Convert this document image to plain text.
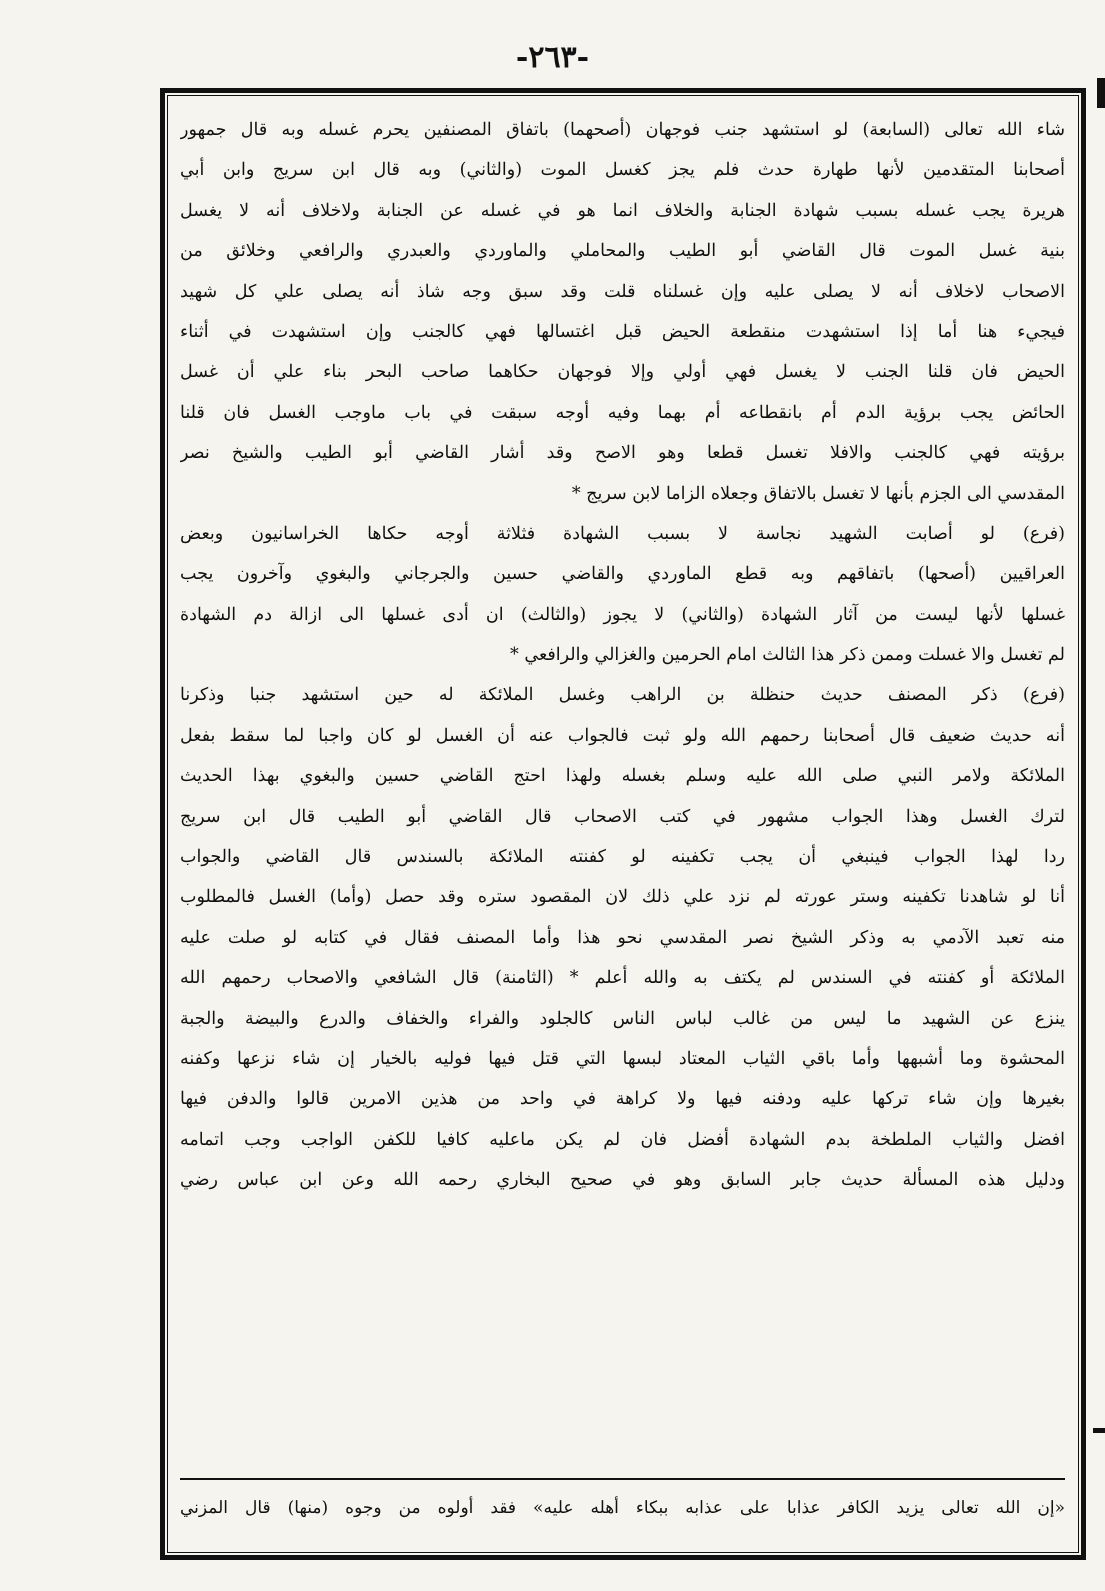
-٢٦٣-
شاء الله تعالى (السابعة) لو استشهد جنب فوجهان (أصحهما) باتفاق المصنفين يحرم غسله وبه قال جمهور
أصحابنا المتقدمين لأنها طهارة حدث فلم يجز كغسل الموت (والثاني) وبه قال ابن سريج وابن أبي
هريرة يجب غسله بسبب شهادة الجنابة والخلاف انما هو في غسله عن الجنابة ولاخلاف أنه لا يغسل
بنية غسل الموت قال القاضي أبو الطيب والمحاملي والماوردي والعبدري والرافعي وخلائق من
الاصحاب لاخلاف أنه لا يصلى عليه وإن غسلناه قلت وقد سبق وجه شاذ أنه يصلى علي كل شهيد
فيجيء هنا أما إذا استشهدت منقطعة الحيض قبل اغتسالها فهي كالجنب وإن استشهدت في أثناء
الحيض فان قلنا الجنب لا يغسل فهي أولي وإلا فوجهان حكاهما صاحب البحر بناء علي أن غسل
الحائض يجب برؤية الدم أم بانقطاعه أم بهما وفيه أوجه سبقت في باب ماوجب الغسل فان قلنا
برؤيته فهي كالجنب والافلا تغسل قطعا وهو الاصح وقد أشار القاضي أبو الطيب والشيخ نصر
المقدسي الى الجزم بأنها لا تغسل بالاتفاق وجعلاه الزاما لابن سريج *
(فرع) لو أصابت الشهيد نجاسة لا بسبب الشهادة فثلاثة أوجه حكاها الخراسانيون وبعض
العراقيين (أصحها) باتفاقهم وبه قطع الماوردي والقاضي حسين والجرجاني والبغوي وآخرون يجب
غسلها لأنها ليست من آثار الشهادة (والثاني) لا يجوز (والثالث) ان أدى غسلها الى ازالة دم الشهادة
لم تغسل والا غسلت وممن ذكر هذا الثالث امام الحرمين والغزالي والرافعي *
(فرع) ذكر المصنف حديث حنظلة بن الراهب وغسل الملائكة له حين استشهد جنبا وذكرنا
أنه حديث ضعيف قال أصحابنا رحمهم الله ولو ثبت فالجواب عنه أن الغسل لو كان واجبا لما سقط بفعل
الملائكة ولامر النبي صلى الله عليه وسلم بغسله ولهذا احتج القاضي حسين والبغوي بهذا الحديث
لترك الغسل وهذا الجواب مشهور في كتب الاصحاب قال القاضي أبو الطيب قال ابن سريج
ردا لهذا الجواب فينبغي أن يجب تكفينه لو كفنته الملائكة بالسندس قال القاضي والجواب
أنا لو شاهدنا تكفينه وستر عورته لم نزد علي ذلك لان المقصود ستره وقد حصل (وأما) الغسل فالمطلوب
منه تعبد الآدمي به وذكر الشيخ نصر المقدسي نحو هذا وأما المصنف فقال في كتابه لو صلت عليه
الملائكة أو كفنته في السندس لم يكتف به والله أعلم * (الثامنة) قال الشافعي والاصحاب رحمهم الله
ينزع عن الشهيد ما ليس من غالب لباس الناس كالجلود والفراء والخفاف والدرع والبيضة والجبة
المحشوة وما أشبهها وأما باقي الثياب المعتاد لبسها التي قتل فيها فوليه بالخيار إن شاء نزعها وكفنه
بغيرها وإن شاء تركها عليه ودفنه فيها ولا كراهة في واحد من هذين الامرين قالوا والدفن فيها
افضل والثياب الملطخة بدم الشهادة أفضل فان لم يكن ماعليه كافيا للكفن الواجب وجب اتمامه
ودليل هذه المسألة حديث جابر السابق وهو في صحيح البخاري رحمه الله وعن ابن عباس رضي
«إن الله تعالى يزيد الكافر عذابا على عذابه ببكاء أهله عليه» فقد أولوه من وجوه (منها) قال المزني
